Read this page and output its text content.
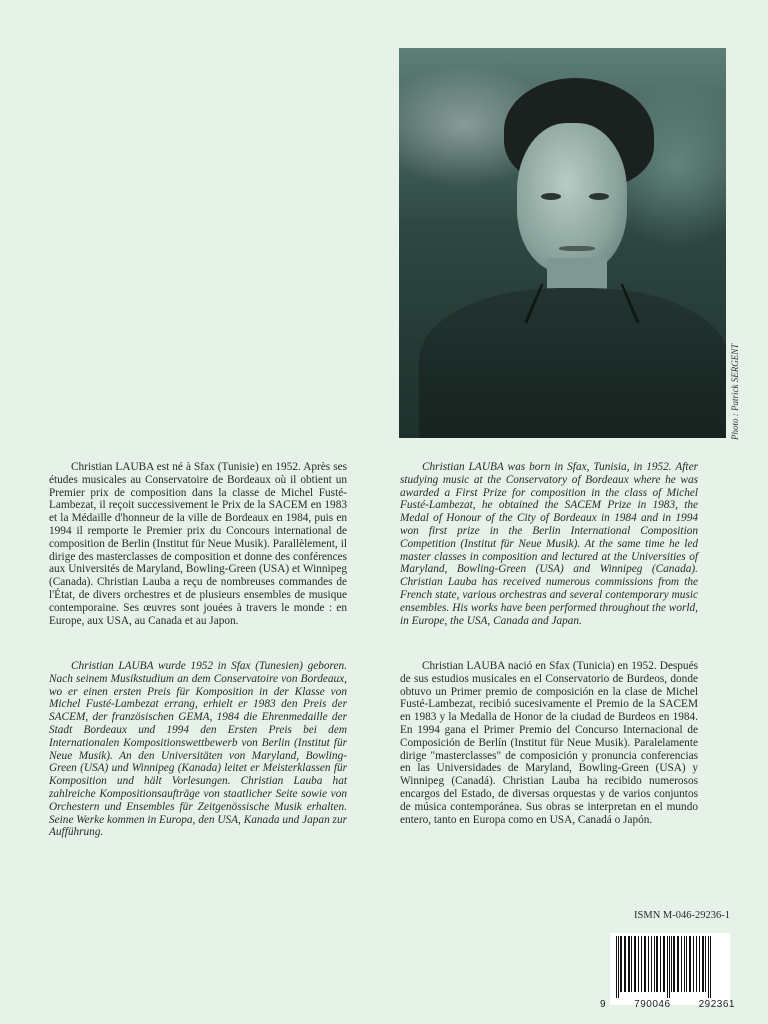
Photo : Patrick SERGENT

Christian LAUBA est né à Sfax (Tunisie) en 1952. Après ses études musicales au Conservatoire de Bordeaux où il obtient un Premier prix de composition dans la classe de Michel Fusté-Lambezat, il reçoit successivement le Prix de la SACEM en 1983 et la Médaille d'honneur de la ville de Bordeaux en 1984, puis en 1994 il remporte le Premier prix du Concours international de composition de Berlin (Institut für Neue Musik). Parallèlement, il dirige des masterclasses de composition et donne des conférences aux Universités de Maryland, Bowling-Green (USA) et Winnipeg (Canada). Christian Lauba a reçu de nombreuses commandes de l'État, de divers orchestres et de plusieurs ensembles de musique contemporaine. Ses œuvres sont jouées à travers le monde : en Europe, aux USA, au Canada et au Japon.

Christian LAUBA was born in Sfax, Tunisia, in 1952. After studying music at the Conservatory of Bordeaux where he was awarded a First Prize for composition in the class of Michel Fusté-Lambezat, he obtained the SACEM Prize in 1983, the Medal of Honour of the City of Bordeaux in 1984 and in 1994 won first prize in the Berlin International Composition Competition (Institut für Neue Musik). At the same time he led master classes in composition and lectured at the Universities of Maryland, Bowling-Green (USA) and Winnipeg (Canada). Christian Lauba has received numerous commissions from the French state, various orchestras and several contemporary music ensembles. His works have been performed throughout the world, in Europe, the USA, Canada and Japan.

Christian LAUBA wurde 1952 in Sfax (Tunesien) geboren. Nach seinem Musikstudium an dem Conservatoire von Bordeaux, wo er einen ersten Preis für Komposition in der Klasse von Michel Fusté-Lambezat errang, erhielt er 1983 den Preis der SACEM, der französischen GEMA, 1984 die Ehrenmedaille der Stadt Bordeaux und 1994 den Ersten Preis bei dem Internationalen Kompositionswettbewerb von Berlin (Institut für Neue Musik). An den Universitäten von Maryland, Bowling-Green (USA) und Winnipeg (Kanada) leitet er Meisterklassen für Komposition und hält Vorlesungen. Christian Lauba hat zahlreiche Kompositionsaufträge von staatlicher Seite sowie von Orchestern und Ensembles für Zeitgenössische Musik erhalten. Seine Werke kommen in Europa, den USA, Kanada und Japan zur Aufführung.

Christian LAUBA nació en Sfax (Tunicia) en 1952. Después de sus estudios musicales en el Conservatorio de Burdeos, donde obtuvo un Primer premio de composición en la clase de Michel Fusté-Lambezat, recibió sucesivamente el Premio de la SACEM en 1983 y la Medalla de Honor de la ciudad de Burdeos en 1984. En 1994 gana el Primer Premio del Concurso Internacional de Composición de Berlín (Institut für Neue Musik). Paralelamente dirige "masterclasses" de composición y pronuncia conferencias en las Universidades de Maryland, Bowling-Green (USA) y Winnipeg (Canadá). Christian Lauba ha recibido numerosos encargos del Estado, de diversas orquestas y de varios conjuntos de música contemporánea. Sus obras se interpretan en el mundo entero, tanto en Europa como en USA, Canadá o Japón.

ISMN M-046-29236-1
9	790046	292361
